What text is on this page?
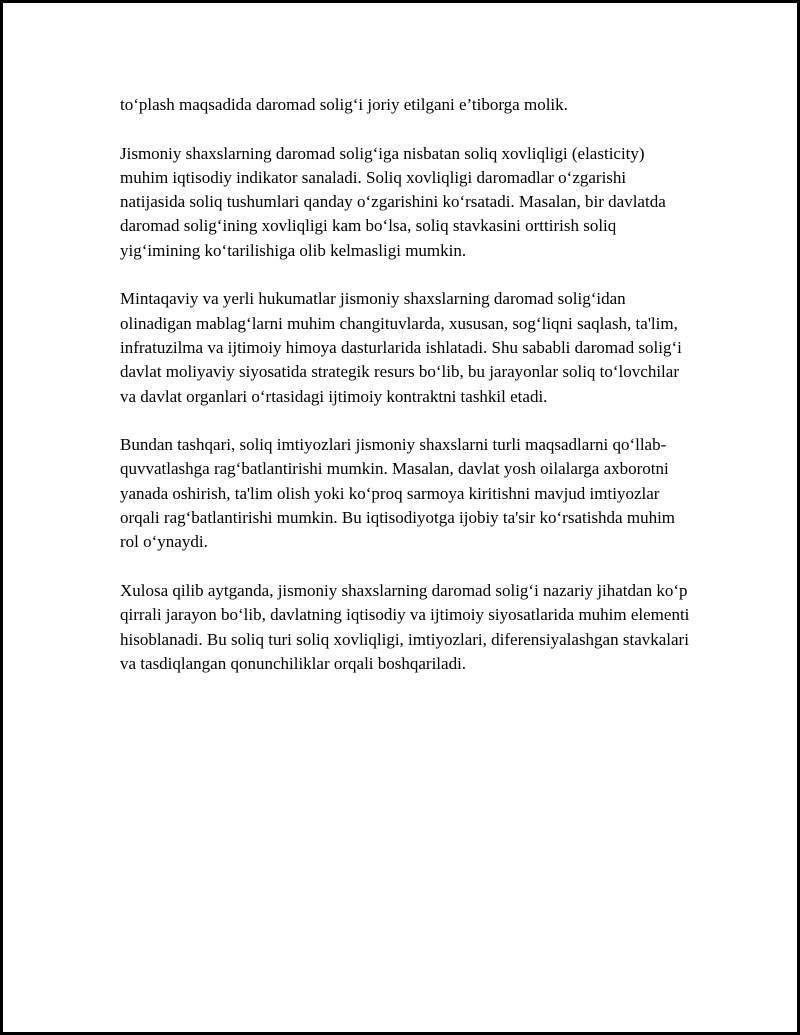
to‘plash maqsadida daromad solig‘i joriy etilgani e’tiborga molik.

Jismoniy shaxslarning daromad solig‘iga nisbatan soliq xovliqligi (elasticity) muhim iqtisodiy indikator sanaladi. Soliq xovliqligi daromadlar o‘zgarishi natijasida soliq tushumlari qanday o‘zgarishini ko‘rsatadi. Masalan, bir davlatda daromad solig‘ining xovliqligi kam bo‘lsa, soliq stavkasini orttirish soliq yig‘imining ko‘tarilishiga olib kelmasligi mumkin.

Mintaqaviy va yerli hukumatlar jismoniy shaxslarning daromad solig‘idan olinadigan mablag‘larni muhim changituvlarda, xususan, sog‘liqni saqlash, ta'lim, infratuzilma va ijtimoiy himoya dasturlarida ishlatadi. Shu sababli daromad solig‘i davlat moliyaviy siyosatida strategik resurs bo‘lib, bu jarayonlar soliq to‘lovchilar va davlat organlari o‘rtasidagi ijtimoiy kontraktni tashkil etadi.

Bundan tashqari, soliq imtiyozlari jismoniy shaxslarni turli maqsadlarni qo‘llab-quvvatlashga rag‘batlantirishi mumkin. Masalan, davlat yosh oilalarga axborotni yanada oshirish, ta'lim olish yoki ko‘proq sarmoya kiritishni mavjud imtiyozlar orqali rag‘batlantirishi mumkin. Bu iqtisodiyotga ijobiy ta'sir ko‘rsatishda muhim rol o‘ynaydi.

Xulosa qilib aytganda, jismoniy shaxslarning daromad solig‘i nazariy jihatdan ko‘p qirrali jarayon bo‘lib, davlatning iqtisodiy va ijtimoiy siyosatlarida muhim elementi hisoblanadi. Bu soliq turi soliq xovliqligi, imtiyozlari, diferensiyalashgan stavkalari va tasdiqlangan qonunchiliklar orqali boshqariladi.
